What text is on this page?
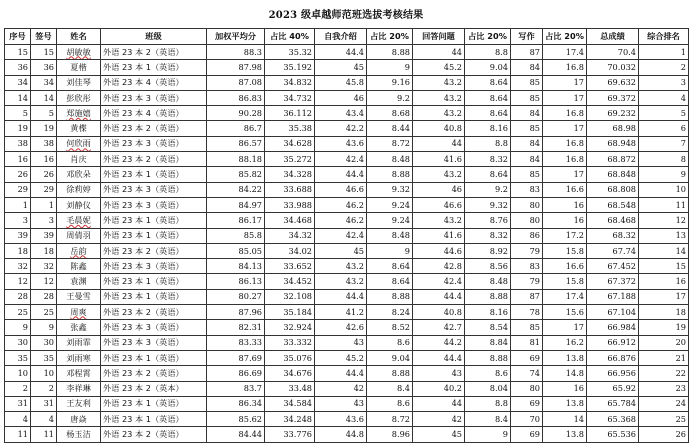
2023 级卓越师范班选拔考核结果
序号	签号	姓名	班级	加权平均分	占比 40%	自我介绍	占比 20%	回答问题	占比 20%	写作	占比 20%	总成绩	综合排名
15	15	胡敏敏	外语 23 本 2（英语）	88.3	35.32	44.4	8.88	44	8.8	87	17.4	70.4	1
36	36	夏楷	外语 23 本 1（英语）	87.98	35.192	45	9	45.2	9.04	84	16.8	70.032	2
34	34	刘佳琴	外语 23 本 4（英语）	87.08	34.832	45.8	9.16	43.2	8.64	85	17	69.632	3
14	14	彭欣彤	外语 23 本 3（英语）	86.83	34.732	46	9.2	43.2	8.64	85	17	69.372	4
5	5	郑施嬉	外语 23 本 4（英语）	90.28	36.112	43.4	8.68	43.2	8.64	84	16.8	69.232	5
19	19	黄楪	外语 23 本 2（英语）	86.7	35.38	42.2	8.44	40.8	8.16	85	17	68.98	6
38	38	何欣雨	外语 23 本 3（英语）	86.57	34.628	43.6	8.72	44	8.8	84	16.8	68.948	7
16	16	肖庆	外语 23 本 2（英语）	88.18	35.272	42.4	8.48	41.6	8.32	84	16.8	68.872	8
26	26	邓欣朵	外语 23 本 1（英语）	85.82	34.328	44.4	8.88	43.2	8.64	85	17	68.848	9
29	29	徐莉婷	外语 23 本 3（英语）	84.22	33.688	46.6	9.32	46	9.2	83	16.6	68.808	10
1	1	刘静仪	外语 23 本 3（英语）	84.97	33.988	46.2	9.24	46.6	9.32	80	16	68.548	11
3	3	毛晨妮	外语 23 本 1（英语）	86.17	34.468	46.2	9.24	43.2	8.76	80	16	68.468	12
39	39	周倩羽	外语 23 本 1（英语）	85.8	34.32	42.4	8.48	41.6	8.32	86	17.2	68.32	13
18	18	岳韵	外语 23 本 2（英语）	85.05	34.02	45	9	44.6	8.92	79	15.8	67.74	14
32	32	陈鑫	外语 23 本 3（英语）	84.13	33.652	43.2	8.64	42.8	8.56	83	16.6	67.452	15
12	12	袁渊	外语 23 本 1（英语）	86.13	34.452	43.2	8.64	42.4	8.48	79	15.8	67.372	16
28	28	王曼雪	外语 23 本 1（英语）	80.27	32.108	44.4	8.88	44.4	8.88	87	17.4	67.188	17
25	25	周爽	外语 23 本 2（英语）	87.96	35.184	41.2	8.24	40.8	8.16	78	15.6	67.104	18
9	9	张鑫	外语 23 本 3（英语）	82.31	32.924	42.6	8.52	42.7	8.54	85	17	66.984	19
30	30	刘雨霏	外语 23 本 3（英语）	83.33	33.332	43	8.6	44.2	8.84	81	16.2	66.912	20
35	35	刘雨寒	外语 23 本 1（英语）	87.69	35.076	45.2	9.04	44.4	8.88	69	13.8	66.876	21
10	10	邓程霄	外语 23 本 2（英语）	86.69	34.676	44.4	8.88	43	8.6	74	14.8	66.956	22
2	2	李祥琳	外语 23 本 2（英本）	83.7	33.48	42	8.4	40.2	8.04	80	16	65.92	23
31	31	王友利	外语 23 本 1（英语）	86.34	34.584	43	8.6	44	8.8	69	13.8	65.784	24
4	4	唐焱	外语 23 本 1（英语）	85.62	34.248	43.6	8.72	42	8.4	70	14	65.368	25
11	11	杨玉洁	外语 23 本 2（英语）	84.44	33.776	44.8	8.96	45	9	69	13.8	65.536	26
